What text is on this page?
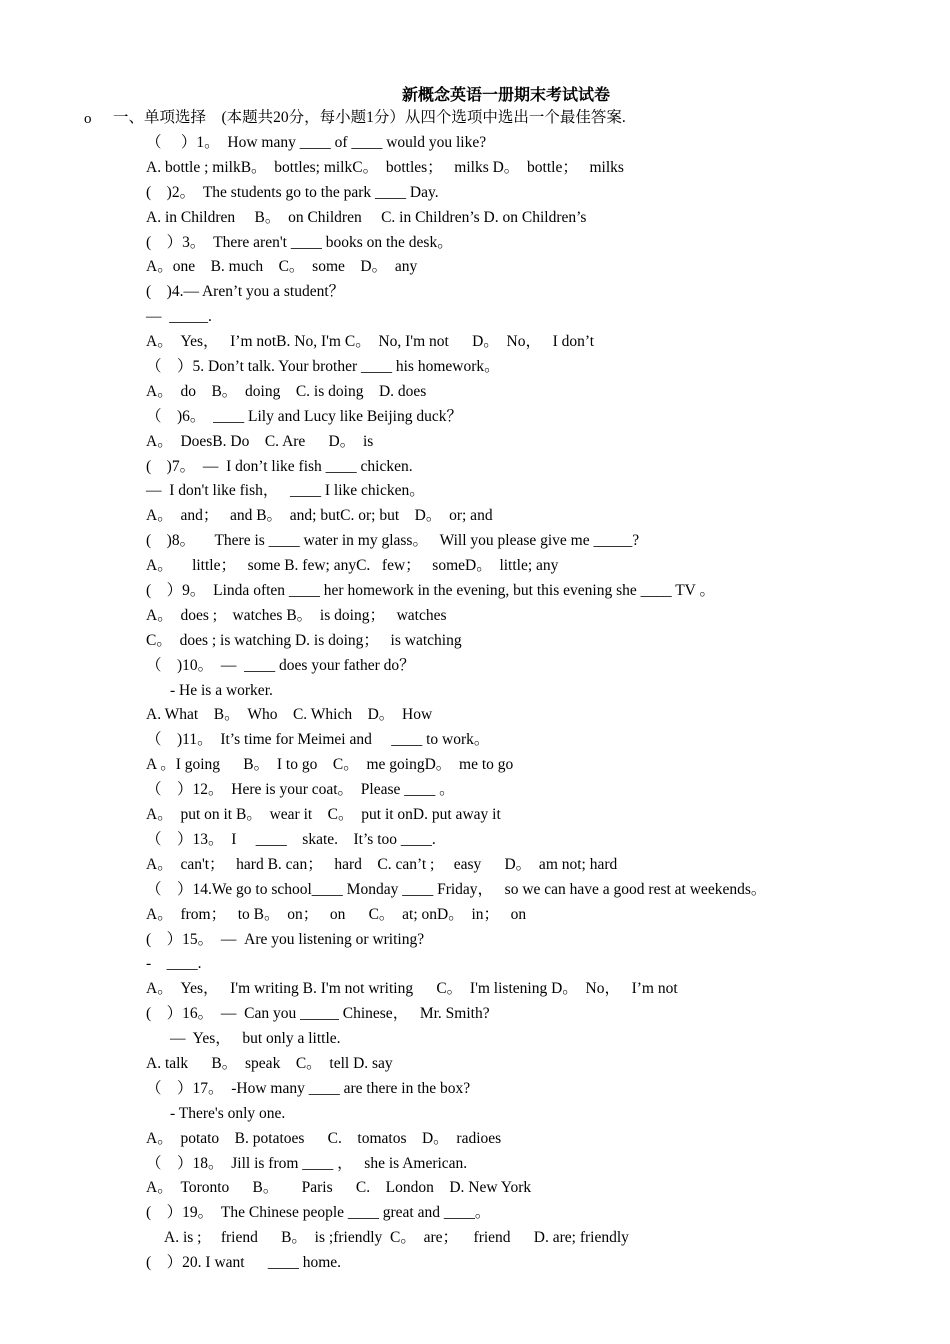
新概念英语一册期末考试试卷
o 一、单项选择　(本题共20分，每小题1分）从四个选项中选出一个最佳答案.
（　 ）1。  How many ____ of ____ would you like?
A. bottle ; milkB。  bottles; milkC。  bottles；   milks D。  bottle；   milks
(    )2。  The students go to the park ____ Day.
A. in Children     B。  on Children     C. in Children’s D. on Children’s
(    ）3。  There aren't ____ books on the desk。
A。one    B. much    C。  some    D。  any
(    )4.— Aren’t you a student？
—  _____.
A。  Yes，   I’m notB. No, I'm C。  No, I'm not      D。  No，   I don’t
（    ）5. Don’t talk. Your brother ____ his homework。
A。  do    B。  doing    C. is doing    D. does
（    )6。  ____ Lily and Lucy like Beijing duck？
A。  DoesB. Do    C. Are      D。  is
(    )7。  —  I don’t like fish ____ chicken.
—  I don't like fish，   ____ I like chicken。
A。  and；   and B。  and; butC. or; but    D。  or; and
(    )8。     There is ____ water in my glass。   Will you please give me _____?
A。     little；   some B. few; anyC.   few；   someD。  little; any
(    ）9。  Linda often ____ her homework in the evening, but this evening she ____ TV 。
A。  does ;    watches B。  is doing；   watches
C。  does ; is watching D. is doing；   is watching
（    )10。  —  ____ does your father do？
- He is a worker.
A. What    B。  Who    C. Which    D。  How
（    )11。  It’s time for Meimei and     ____ to work。
A 。I going      B。  I to go    C。  me goingD。  me to go
（    ）12。  Here is your coat。  Please ____ 。
A。  put on it B。  wear it    C。  put it onD. put away it
（    ）13。  I     ____    skate.    It’s too ____.
A。  can't；   hard B. can；   hard    C. can’t ;     easy      D。  am not; hard
（    ）14.We go to school____ Monday ____ Friday，   so we can have a good rest at weekends。
A。  from；   to B。  on；   on      C。  at; onD。  in；   on
(    ）15。  —  Are you listening or writing?
-    ____.
A。  Yes，   I'm writing B. I'm not writing      C。  I'm listening D。  No，   I’m not
(    ）16。  —  Can you _____ Chinese，   Mr. Smith?
—  Yes，   but only a little.
A. talk      B。  speak    C。  tell D. say
（    ）17。  -How many ____ are there in the box?
- There's only one.
A。  potato    B. potatoes      C.    tomatos    D。  radioes
（    ）18。  Jill is from ____ ，   she is American.
A。  Toronto      B。      Paris      C.    London    D. New York
(    ）19。  The Chinese people ____ great and ____。
A. is ;     friend      B。  is ;friendly  C。  are；    friend      D. are; friendly
(    ）20. I want      ____ home.
